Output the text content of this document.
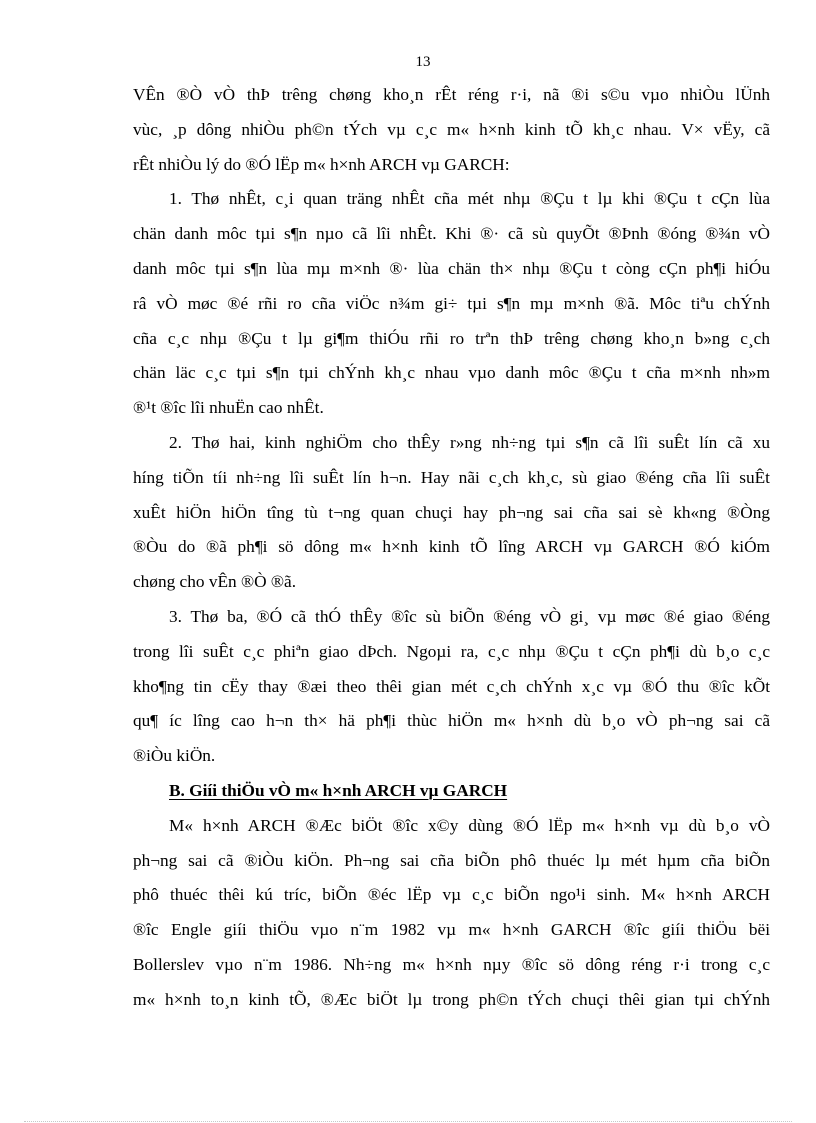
13
VÊn ®Ò vÒ thÞ trêng chøng kho¸n rÊt réng r·i, nã ®i s©u vµo nhiÒu lÜnh
vùc, ¸p dông nhiÒu ph©n tÝch vµ c¸c m« h×nh kinh tÕ kh¸c nhau. V× vËy, cã
rÊt nhiÒu lý do ®Ó lËp m« h×nh ARCH vµ GARCH:
1. Thø nhÊt, c¸i quan träng nhÊt cña mét nhµ ®Çu t lµ khi ®Çu t cÇn lùa
chän danh môc tµi s¶n nµo cã lîi nhÊt. Khi ®· cã sù quyÕt ®Þnh ®óng ®¾n vÒ
danh môc tµi s¶n lùa mµ m×nh ®· lùa chän th× nhµ ®Çu t còng cÇn ph¶i hiÓu
râ vÒ møc ®é rñi ro cña viÖc n¾m gi÷ tµi s¶n mµ m×nh ®ã. Môc tiªu chÝnh
cña c¸c nhµ ®Çu t lµ gi¶m thiÓu rñi ro trªn thÞ trêng chøng kho¸n b»ng c¸ch
chän läc c¸c tµi s¶n tµi chÝnh kh¸c nhau vµo danh môc ®Çu t cña m×nh nh»m
®¹t ®îc lîi nhuËn cao nhÊt.
2. Thø hai, kinh nghiÖm cho thÊy r»ng nh÷ng tµi s¶n cã lîi suÊt lín cã xu
híng tiÕn tíi nh÷ng lîi suÊt lín h¬n. Hay nãi c¸ch kh¸c, sù giao ®éng cña lîi suÊt
xuÊt hiÖn hiÖn tîng tù t¬ng quan chuçi hay ph¬ng sai cña sai sè kh«ng ®Òng
®Òu do ®ã ph¶i sö dông m« h×nh kinh tÕ lîng ARCH vµ GARCH ®Ó kiÓm
chøng cho vÊn ®Ò ®ã.
3. Thø ba, ®Ó cã thÓ thÊy ®îc sù biÕn ®éng vÒ gi¸ vµ møc ®é giao ®éng
trong lîi suÊt c¸c phiªn giao dÞch. Ngoµi ra, c¸c nhµ ®Çu t cÇn ph¶i dù b¸o c¸c
kho¶ng tin cËy thay ®æi theo thêi gian mét c¸ch chÝnh x¸c vµ ®Ó thu ®îc kÕt
qu¶ íc lîng cao h¬n th× hä ph¶i thùc hiÖn m« h×nh dù b¸o vÒ ph¬ng sai cã
®iÒu kiÖn.
B. Giíi thiÖu vÒ m« h×nh ARCH vµ GARCH
M« h×nh ARCH ®Æc biÖt ®îc x©y dùng ®Ó lËp m« h×nh vµ dù b¸o vÒ
ph¬ng sai cã ®iÒu kiÖn. Ph¬ng sai cña biÕn phô thuéc lµ mét hµm cña biÕn
phô thuéc thêi kú tríc, biÕn ®éc lËp vµ c¸c biÕn ngo¹i sinh. M« h×nh ARCH
®îc Engle giíi thiÖu vµo n¨m 1982 vµ m« h×nh GARCH ®îc giíi thiÖu bëi
Bollerslev vµo n¨m 1986. Nh÷ng m« h×nh nµy ®îc sö dông réng r·i trong c¸c
m« h×nh to¸n kinh tÕ, ®Æc biÖt lµ trong ph©n tÝch chuçi thêi gian tµi chÝnh
